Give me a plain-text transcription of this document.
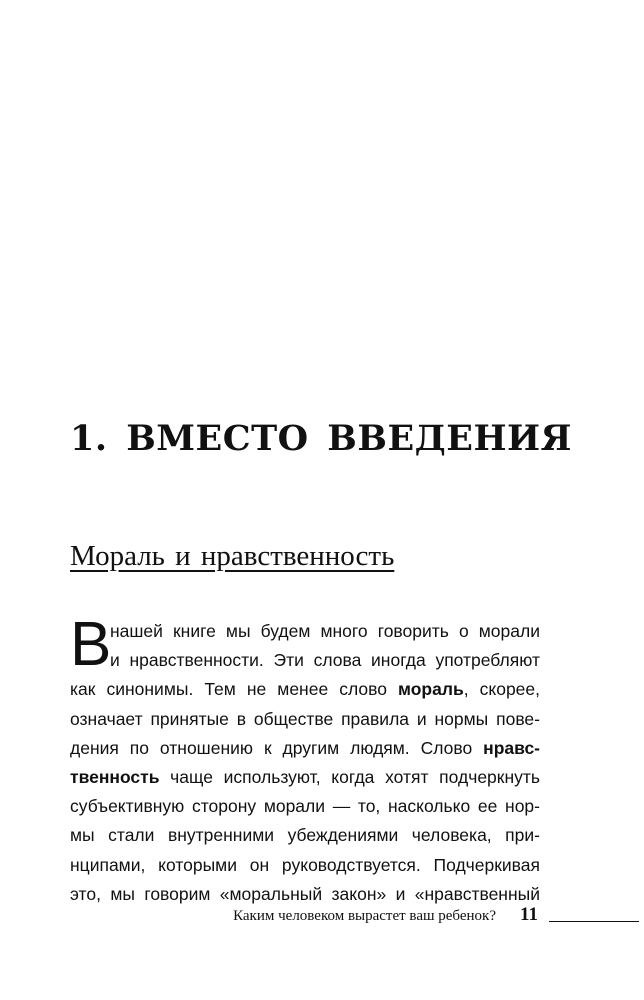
1. ВМЕСТО ВВЕДЕНИЯ
Мораль и нравственность
В
нашей книге мы будем много говорить о морали
и нравственности. Эти слова иногда употребляют
как синонимы. Тем не менее слово мораль, скорее,
означает принятые в обществе правила и нормы пове-
дения по отношению к другим людям. Слово нравс-
твенность чаще используют, когда хотят подчеркнуть
субъективную сторону морали — то, насколько ее нор-
мы стали внутренними убеждениями человека, при-
нципами, которыми он руководствуется. Подчеркивая
это, мы говорим «моральный закон» и «нравственный
Каким человеком вырастет ваш ребенок? 11
